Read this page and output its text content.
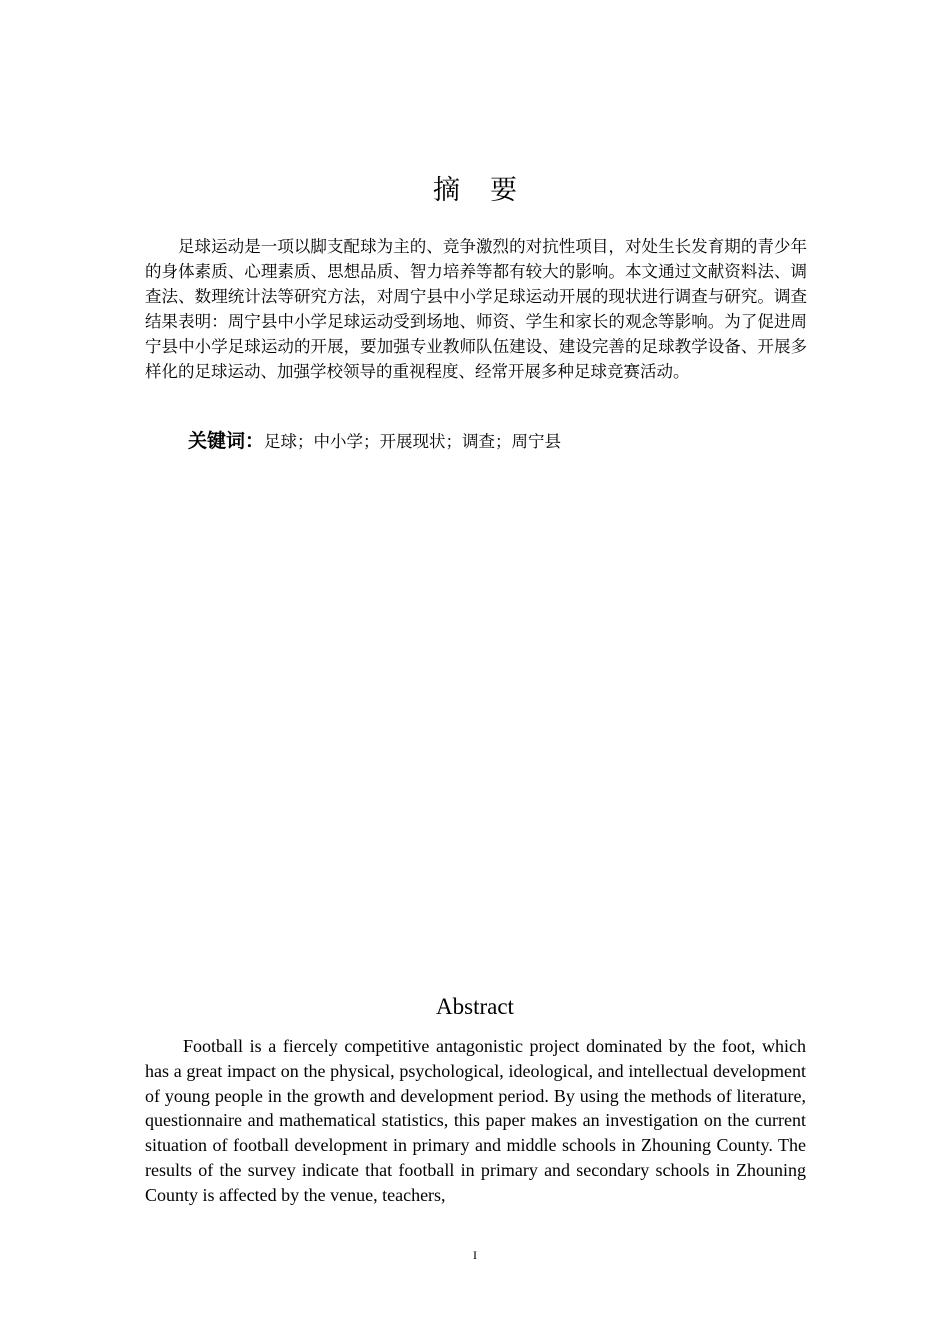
摘要

足球运动是一项以脚支配球为主的、竞争激烈的对抗性项目，对处生长发育期的青少年的身体素质、心理素质、思想品质、智力培养等都有较大的影响。本文通过文献资料法、调查法、数理统计法等研究方法，对周宁县中小学足球运动开展的现状进行调查与研究。调查结果表明：周宁县中小学足球运动受到场地、师资、学生和家长的观念等影响。为了促进周宁县中小学足球运动的开展，要加强专业教师队伍建设、建设完善的足球教学设备、开展多样化的足球运动、加强学校领导的重视程度、经常开展多种足球竞赛活动。

关键词：足球；中小学；开展现状；调查；周宁县
Abstract

Football is a fiercely competitive antagonistic project dominated by the foot, which has a great impact on the physical, psychological, ideological, and intellectual development of young people in the growth and development period. By using the methods of literature, questionnaire and mathematical statistics, this paper makes an investigation on the current situation of football development in primary and middle schools in Zhouning County. The results of the survey indicate that football in primary and secondary schools in Zhouning County is affected by the venue, teachers,

I
